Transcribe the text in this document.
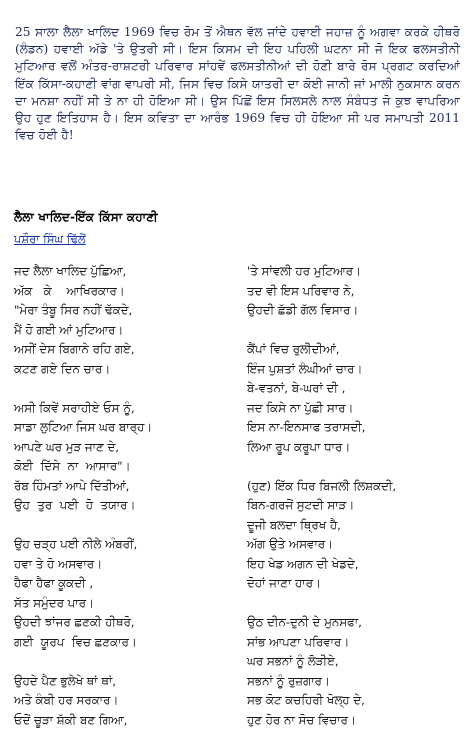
25 ਸਾਲਾ ਲੈਲਾ ਖਾਲਿਦ 1969 ਵਿਚ ਰੋਮ ਤੋਂ ਐਥਨ ਵੱਲ ਜਾਂਦੇ ਹਵਾਈ ਜਹਾਜ਼ ਨੂੰ ਅਗਵਾ ਕਰਕੇ ਹੀਥਰੋ (ਲੰਡਨ) ਹਵਾਈ ਅੱਡੇ 'ਤੇ ਉਤਰੀ ਸੀ। ਇਸ ਕਿਸਮ ਦੀ ਇਹ ਪਹਿਲੀ ਘਟਨਾ ਸੀ ਜੋ ਇਕ ਫਲਸਤੀਨੀ ਮੁਟਿਆਰ ਵਲੋਂ ਅੰਤਰ-ਰਾਸ਼ਟਰੀ ਪਰਿਵਾਰ ਸਾਂਹਵੇਂ ਫਲਸਤੀਨੀਆਂ ਦੀ ਹੋਣੀ ਬਾਰੇ ਰੋਸ ਪ੍ਰਗਟ ਕਰਦਿਆਂ ਇੱਕ ਕਿੱਸਾ-ਕਹਾਣੀ ਵਾਂਗ ਵਾਪਰੀ ਸੀ, ਜਿਸ ਵਿਚ ਕਿਸੇ ਯਾਤਰੀ ਦਾ ਕੋਈ ਜਾਨੀ ਜਾਂ ਮਾਲੀ ਨੁਕਸਾਨ ਕਰਨ ਦਾ ਮਨਸ਼ਾ ਨਹੀਂ ਸੀ ਤੇ ਨਾ ਹੀ ਹੋਇਆ ਸੀ। ਉਸ ਪਿੱਛੋਂ ਇਸ ਸਿਲਸਲੇ ਨਾਲ ਸੰਬੰਧਤ ਜੋ ਕੁਝ ਵਾਪਰਿਆ ਉਹ ਹੁਣ ਇਤਿਹਾਸ ਹੈ। ਇਸ ਕਵਿਤਾ ਦਾ ਆਰੰਭ 1969 ਵਿਚ ਹੀ ਹੋਇਆ ਸੀ ਪਰ ਸਮਾਪਤੀ 2011 ਵਿਚ ਹੋਈ ਹੈ!

ਲੈਲਾ ਖਾਲਿਦ-ਇੱਕ ਕਿੱਸਾ ਕਹਾਣੀ
ਪਸ਼ੌਰਾ ਸਿੰਘ ਢਿੱਲੋਂ
ਜਦ ਲੈਲਾ ਖਾਲਿਦ ਪੁੱਛਿਆ,
ਅੱਕ   ਕੇ    ਆਖਿਰਕਾਰ।
"ਮੇਰਾ ਤੰਬੂ ਸਿਰ ਨਹੀਂ ਢੱਕਦੇ,
ਮੈਂ ਹੋ ਗਈ ਆਂ ਮੁਟਿਆਰ।
ਅਸੀਂ ਦੇਸ ਬਿਗਾਨੇ ਰਹਿ ਗਏ,
ਕਟਣ ਗਏ ਦਿਨ ਚਾਰ।
ਅਸੀ ਕਿਵੇਂ ਸਰਾਹੀਏ ਓਸ ਨੂੰ,
ਸਾਡਾ ਲੁਟਿਆ ਜਿਸ ਘਰ ਬਾਰ੍ਹ।
ਆਪਣੇ ਘਰ ਮੁੜ ਜਾਣ ਦੇ,
ਕੋਈ  ਦਿੱਸੇ  ਨਾ  ਆਸਾਰ"।
ਰੱਬ ਹਿੰਮਤਾਂ ਆਪੇ ਦਿੱਤੀਆਂ,
ਉਹ  ਤੁਰ  ਪਈ  ਹੋ  ਤਯਾਰ।
ਉਹ ਚੜ੍ਹ ਪਈ ਨੀਲੇ ਅੰਬਰੀਂ,
ਹਵਾ ਤੇ ਹੋ ਅਸਵਾਰ।
ਹੈਫਾ ਹੈਫਾ ਕੂਕਦੀ ,
ਸੱਤ ਸਮੁੰਦਰ ਪਾਰ।
ਉਹਦੀ ਝਾਂਜਰ ਛਣਕੀ ਹੀਥਰੋ,
ਗਈ  ਯੂਰਪ  ਵਿਚ ਛਣਕਾਰ।
ਉਹਦੇ ਪੈਣ ਭੁਲੇਖੇ ਥਾਂ ਥਾਂ,
ਅਤੇ ਕੰਬੀ ਹਰ ਸਰਕਾਰ।
ਓਦੋਂ ਚੂੜਾ ਸ਼ੱਕੀ ਬਣ ਗਿਆ,
'ਤੇ ਸਾਂਵਲੀ ਹਰ ਮੁਟਿਆਰ।
ਤਦ ਵੀ ਇਸ ਪਰਿਵਾਰ ਨੇ,
ਉਹਦੀ ਛੱਡੀ ਗੱਲ ਵਿਸਾਰ।
ਕੈਂਪਾਂ ਵਿਚ ਰੁਲੀਦੀਆਂ,
ਇੰਜ ਪੁਸ਼ਤਾਂ ਲੰਘੀਆਂ ਚਾਰ।
ਬੇ-ਵਤਨਾਂ, ਬੇ-ਘਰਾਂ ਦੀ ,
ਜਦ ਕਿਸੇ ਨਾ ਪੁੱਛੀ ਸਾਰ।
ਇਸ ਨਾ-ਇਨਸਾਫ ਤਰਾਸਦੀ,
ਲਿਆ ਰੂਪ ਕਰੂਪਾ ਧਾਰ।
(ਹੁਣ) ਇੱਕ ਧਿਰ ਬਿਜਲੀ ਲਿਸ਼ਕਦੀ,
ਬਿਨ-ਗਰਜੋਂ ਸੁਟਦੀ ਸਾੜ।
ਦੂਜੀ ਬਲਦਾ ਥ੍ਰਿਖ ਹੈ,
ਅੱਗ ਉਤੇ ਅਸਵਾਰ।
ਇਹ ਖੇਡ ਅਗਨ ਦੀ ਖੇਡਦੇ,
ਦੋਹਾਂ ਜਾਣਾ ਹਾਰ।
ਉਠ ਦੀਨ-ਦੁਨੀ ਦੇ ਮੁਨਸਫਾ,
ਸਾਂਭ ਆਪਣਾ ਪਰਿਵਾਰ।
ਘਰ ਸਭਨਾਂ ਨੂੰ ਲੋੜੀਏ,
ਸਭਨਾਂ ਨੂੰ ਰੁਜ਼ਗਾਰ।
ਸਭ ਕੋਟ ਕਚਹਿਰੀ ਖੋਲ੍ਹ ਦੇ,
ਹੁਣ ਹੋਰ ਨਾ ਸੋਚ ਵਿਚਾਰ।
